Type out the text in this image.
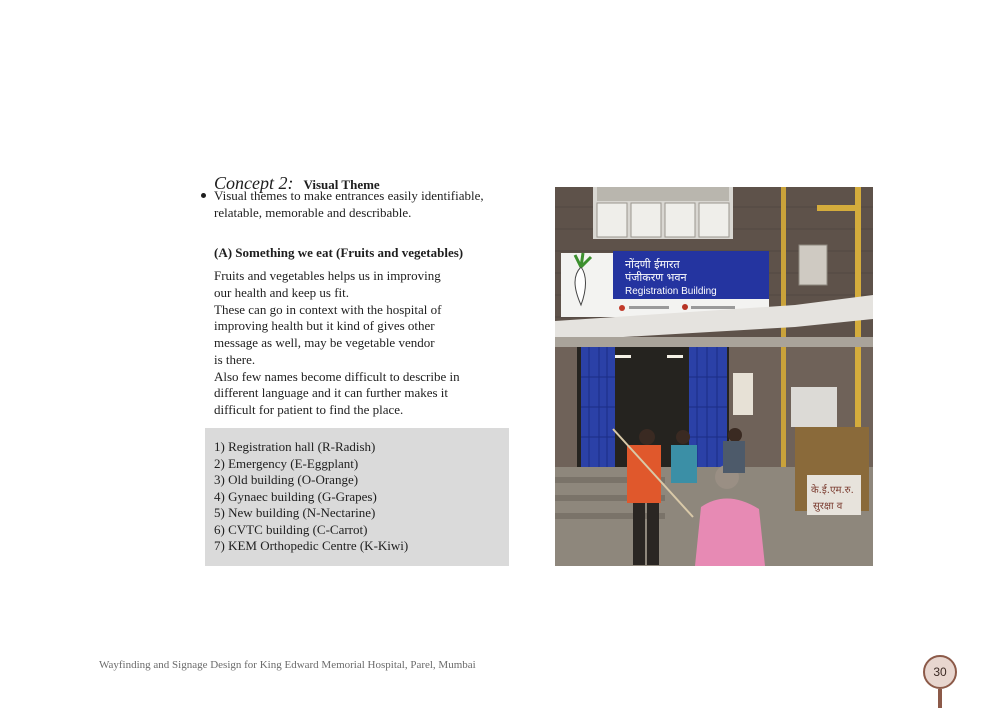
Concept 2: Visual Theme
Visual themes to make entrances easily identifiable,
relatable, memorable and describable.
(A) Something we eat (Fruits and vegetables)
Fruits and vegetables helps us in improving
our health and keep us fit.
These can go in context with the hospital of
improving health but it kind of gives other
message as well, may be vegetable vendor
is there.
Also few names become difficult to describe in
different language and it can further makes it
difficult for patient to find the place.
1) Registration hall (R-Radish)
2) Emergency (E-Eggplant)
3) Old building (O-Orange)
4) Gynaec building (G-Grapes)
5) New building (N-Nectarine)
6) CVTC building (C-Carrot)
7) KEM Orthopedic Centre (K-Kiwi)
नोंदणी ईमारत
पंजीकरण भवन
Registration Building
के.ई.एम.रु.
सुरक्षा व
Wayfinding and Signage Design for King Edward Memorial Hospital, Parel, Mumbai	30
